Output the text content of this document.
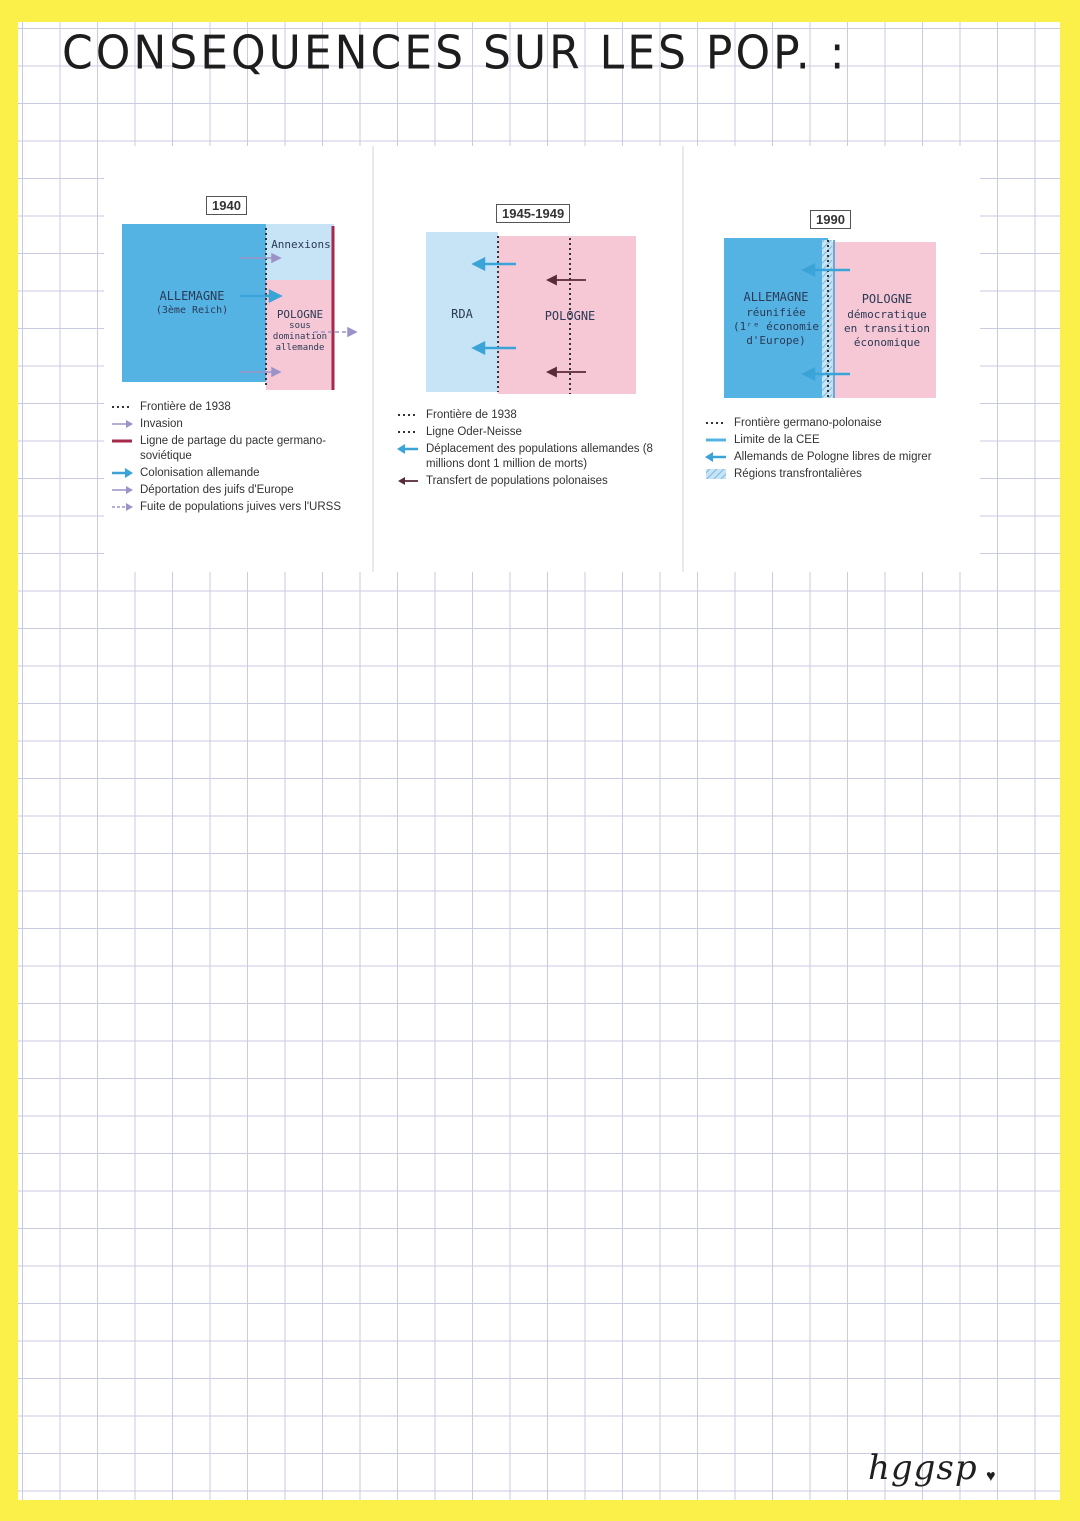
CONSEQUENCES SUR LES POP. :
1940
ALLEMAGNE
(3ème Reich)
Annexions
POLOGNE
sous
domination
allemande
Frontière de 1938
Invasion
Ligne de partage du pacte germano-soviétique
Colonisation allemande
Déportation des juifs d'Europe
Fuite de populations juives vers l'URSS
1945-1949
RDA	POLOGNE
Frontière de 1938
Ligne Oder-Neisse
Déplacement des populations allemandes (8 millions dont 1 million de morts)
Transfert de populations polonaises
1990
ALLEMAGNE
réunifiée
(1ʳᵉ économie
d'Europe)
POLOGNE
démocratique
en transition
économique
Frontière germano-polonaise
Limite de la CEE
Allemands de Pologne libres de migrer
Régions transfrontalières
hggsp ♥
